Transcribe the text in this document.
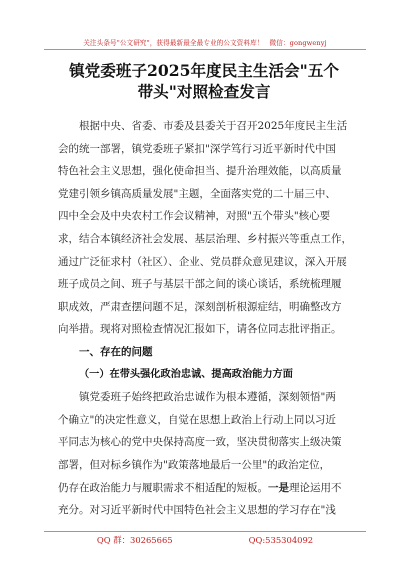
关注头条号"公文研究"，获得最新最全最专业的公文资料库！ 微信：gongwenyj
镇党委班子2025年度民主生活会"五个
带头"对照检查发言
根据中央、省委、市委及县委关于召开2025年度民主生活
会的统一部署，镇党委班子紧扣"深学笃行习近平新时代中国
特色社会主义思想，强化使命担当、提升治理效能，以高质量
党建引领乡镇高质量发展"主题，全面落实党的二十届三中、
四中全会及中央农村工作会议精神，对照"五个带头"核心要
求，结合本镇经济社会发展、基层治理、乡村振兴等重点工作，
通过广泛征求村（社区）、企业、党员群众意见建议，深入开展
班子成员之间、班子与基层干部之间的谈心谈话，系统梳理履
职成效，严肃查摆问题不足，深刻剖析根源症结，明确整改方
向举措。现将对照检查情况汇报如下，请各位同志批评指正。
一、存在的问题
（一）在带头强化政治忠诚、提高政治能力方面
镇党委班子始终把政治忠诚作为根本遵循，深刻领悟"两
个确立"的决定性意义，自觉在思想上政治上行动上同以习近
平同志为核心的党中央保持高度一致，坚决贯彻落实上级决策
部署，但对标乡镇作为"政策落地最后一公里"的政治定位，
仍存在政治能力与履职需求不相适配的短板。一是理论运用不
充分。对习近平新时代中国特色社会主义思想的学习存在"浅
QQ 群：30265665	QQ:535304092
